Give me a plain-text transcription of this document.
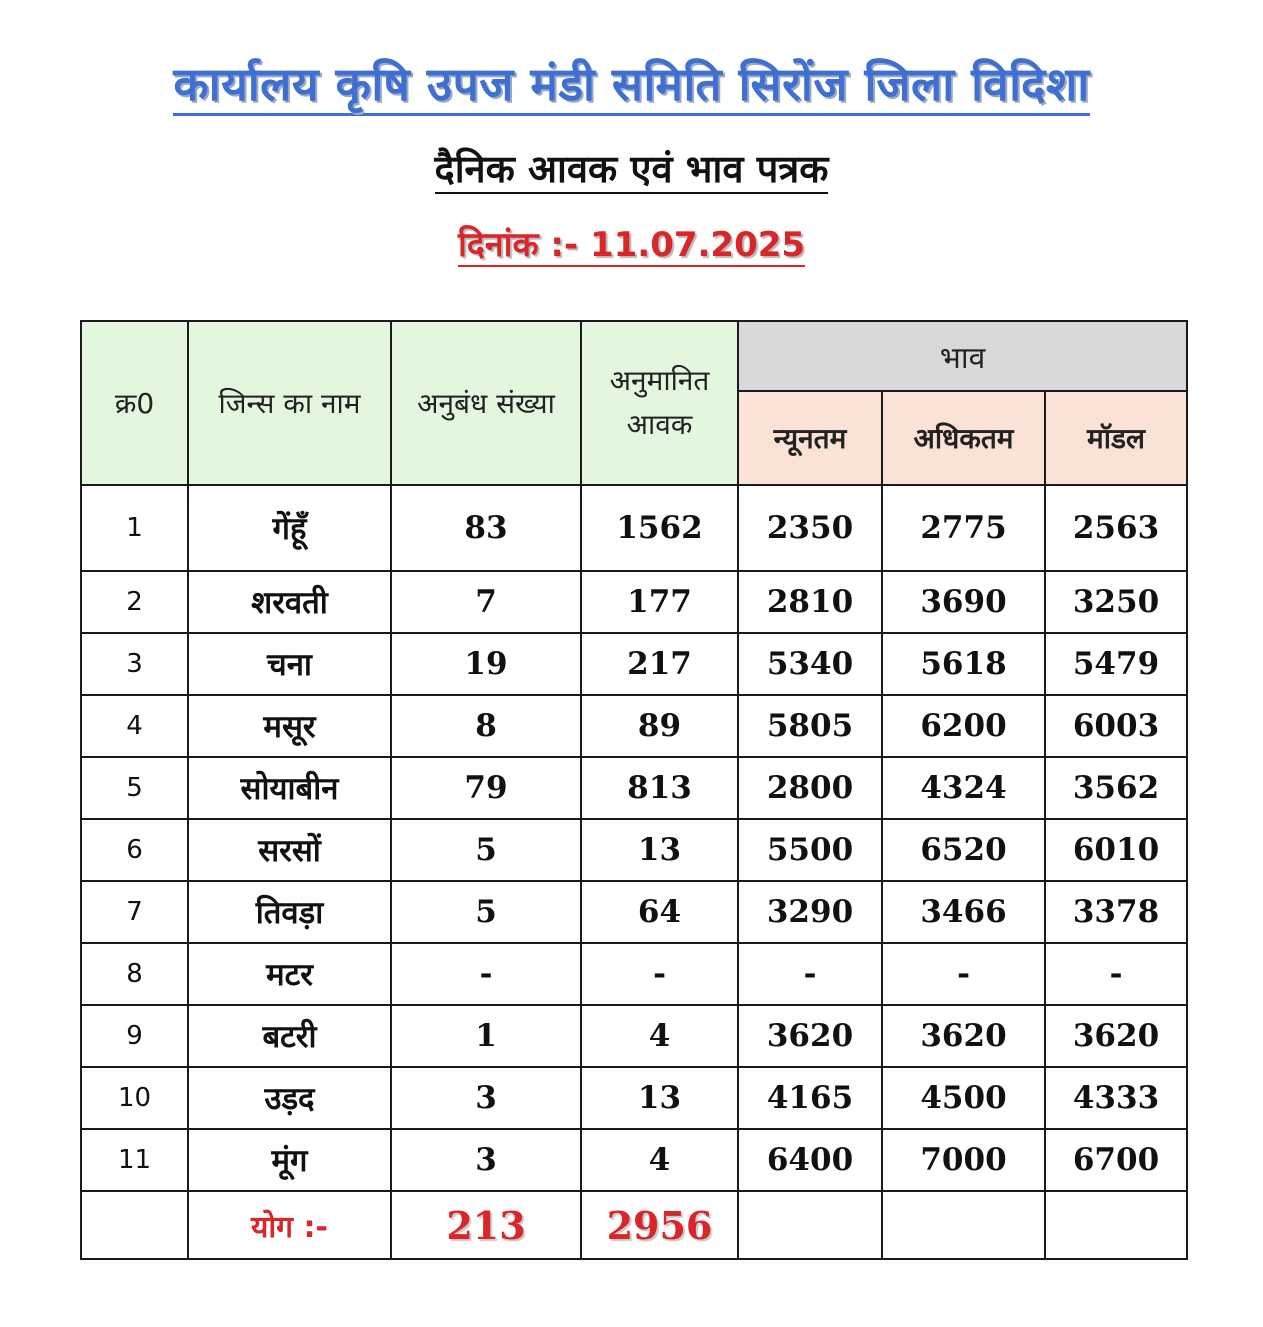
कार्यालय कृषि उपज मंडी समिति सिरोंज जिला विदिशा
दैनिक आवक एवं भाव पत्रक
दिनांक :- 11.07.2025
क्र0	जिन्स का नाम	अनुबंध संख्या	अनुमानित आवक	भाव		
				न्यूनतम	अधिकतम	मॉडल
1	गेंहूँ	83	1562	2350	2775	2563
2	शरवती	7	177	2810	3690	3250
3	चना	19	217	5340	5618	5479
4	मसूर	8	89	5805	6200	6003
5	सोयाबीन	79	813	2800	4324	3562
6	सरसों	5	13	5500	6520	6010
7	तिवड़ा	5	64	3290	3466	3378
8	मटर	-	-	-	-	-
9	बटरी	1	4	3620	3620	3620
10	उड़द	3	13	4165	4500	4333
11	मूंग	3	4	6400	7000	6700
	योग :-	213	2956			
